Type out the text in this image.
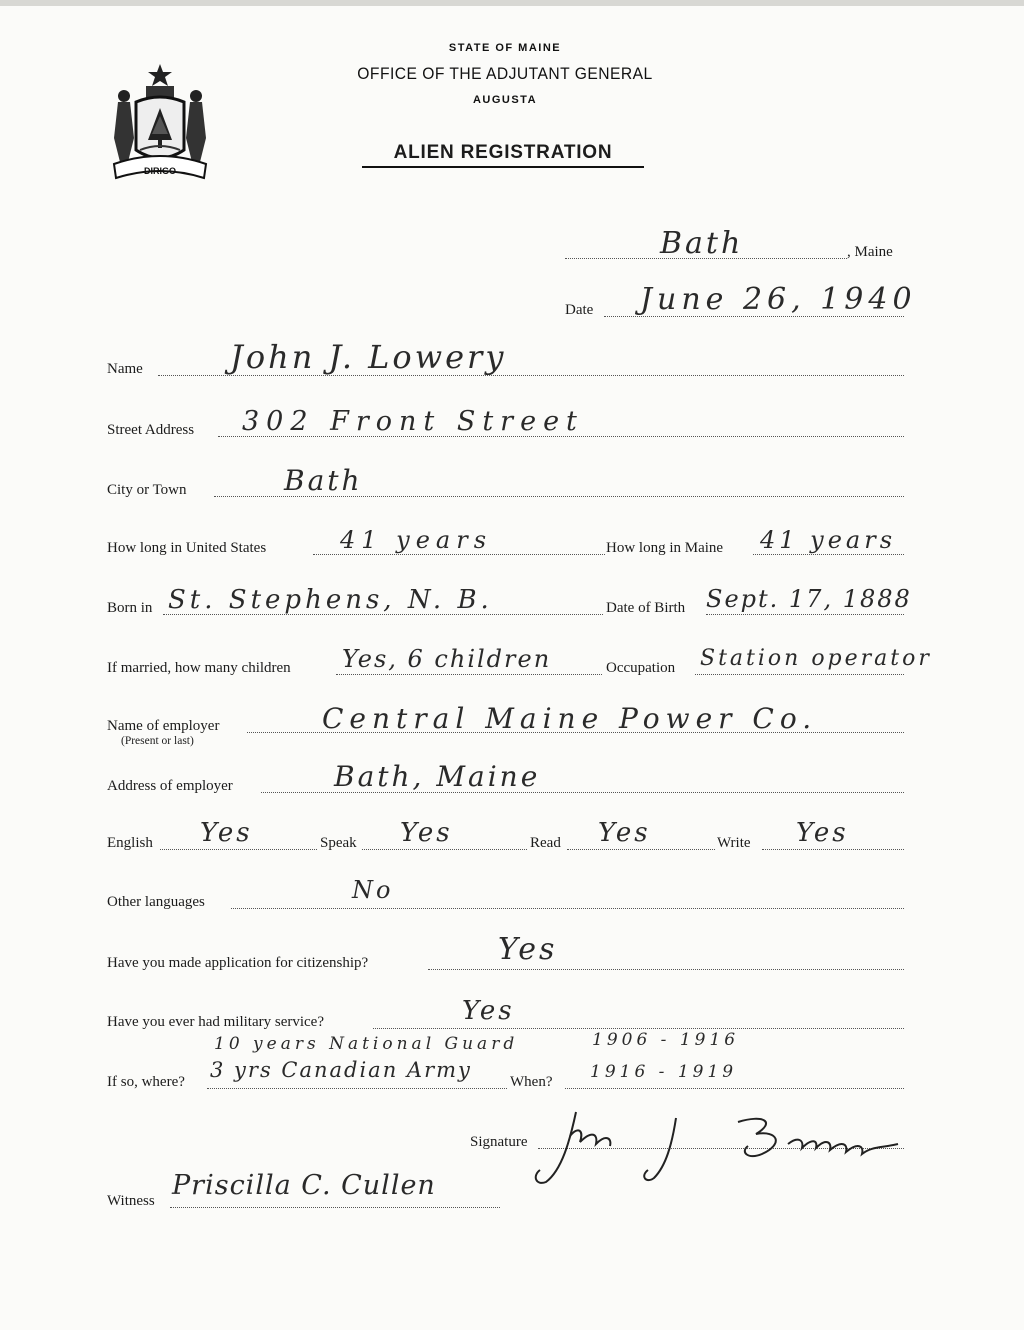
DIRIGO
STATE OF MAINE
OFFICE OF THE ADJUTANT GENERAL
AUGUSTA
ALIEN REGISTRATION
, Maine
Bath
Date June 26, 1940
Name	John J. Lowery
Street Address 302 Front Street
City or Town	Bath
How long in United States	41 years	How long in Maine 41 years
Born in St. Stephens, N. B.	Date of Birth Sept. 17, 1888
If married, how many children Yes, 6 children	Occupation Station operator
Name of employer
(Present or last)
Central Maine Power Co.
Address of employer	Bath, Maine
English Yes	Speak Yes	Read Yes	Write Yes
Other languages	No
Have you made application for citizenship?	Yes
Have you ever had military service?	Yes
10 years National Guard	1906 - 1916
If so, where? 3 yrs Canadian Army	When? 1916 - 1919
Signature
John J. Lowery
Witness Priscilla C. Cullen
